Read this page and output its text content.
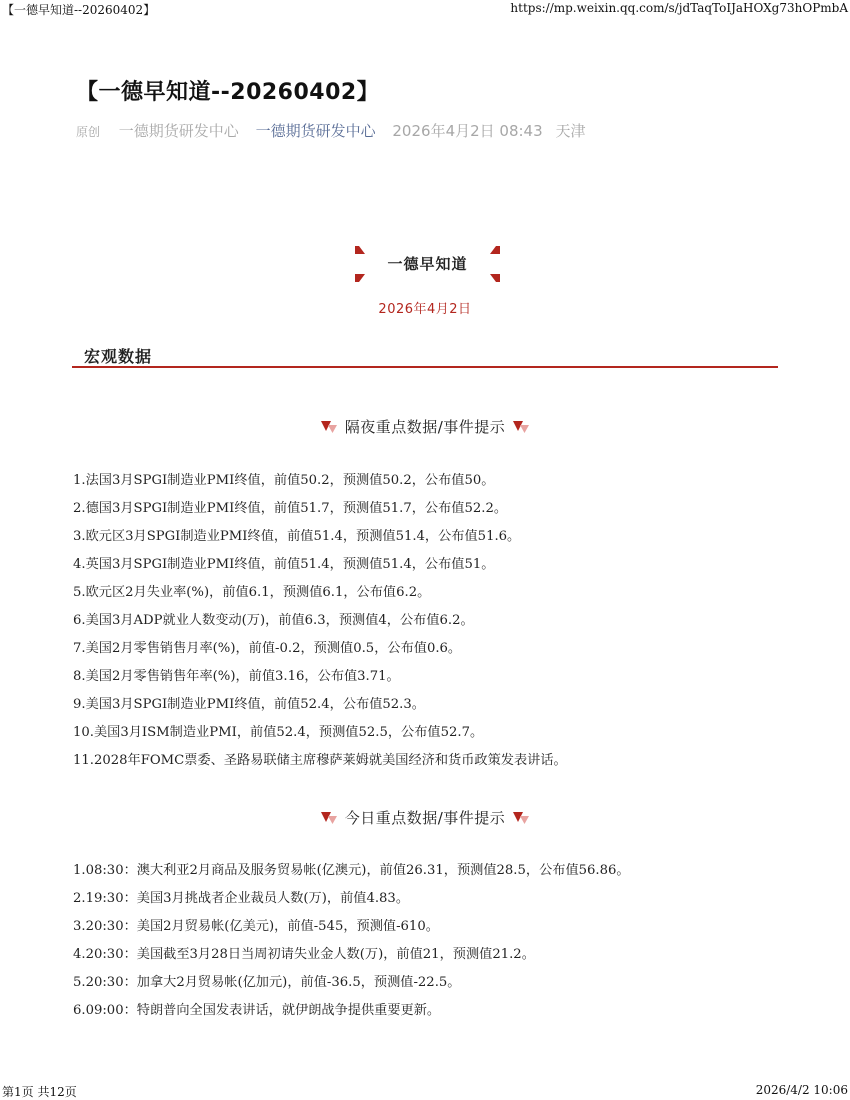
【一德早知道--20260402】	https://mp.weixin.qq.com/s/jdTaqToIJaHOXg73hOPmbA
【一德早知道--20260402】
原创 一德期货研发中心 一德期货研发中心 2026年4月2日 08:43 天津
一德早知道
2026年4月2日
宏观数据
隔夜重点数据/事件提示
1.法国3月SPGI制造业PMI终值，前值50.2，预测值50.2，公布值50。
2.德国3月SPGI制造业PMI终值，前值51.7，预测值51.7，公布值52.2。
3.欧元区3月SPGI制造业PMI终值，前值51.4，预测值51.4，公布值51.6。
4.英国3月SPGI制造业PMI终值，前值51.4，预测值51.4，公布值51。
5.欧元区2月失业率(%)，前值6.1，预测值6.1，公布值6.2。
6.美国3月ADP就业人数变动(万)，前值6.3，预测值4，公布值6.2。
7.美国2月零售销售月率(%)，前值-0.2，预测值0.5，公布值0.6。
8.美国2月零售销售年率(%)，前值3.16，公布值3.71。
9.美国3月SPGI制造业PMI终值，前值52.4，公布值52.3。
10.美国3月ISM制造业PMI，前值52.4，预测值52.5，公布值52.7。
11.2028年FOMC票委、圣路易联储主席穆萨莱姆就美国经济和货币政策发表讲话。
今日重点数据/事件提示
1.08:30：澳大利亚2月商品及服务贸易帐(亿澳元)，前值26.31，预测值28.5，公布值56.86。
2.19:30：美国3月挑战者企业裁员人数(万)，前值4.83。
3.20:30：美国2月贸易帐(亿美元)，前值-545，预测值-610。
4.20:30：美国截至3月28日当周初请失业金人数(万)，前值21，预测值21.2。
5.20:30：加拿大2月贸易帐(亿加元)，前值-36.5，预测值-22.5。
6.09:00：特朗普向全国发表讲话，就伊朗战争提供重要更新。
第1页 共12页	2026/4/2 10:06
